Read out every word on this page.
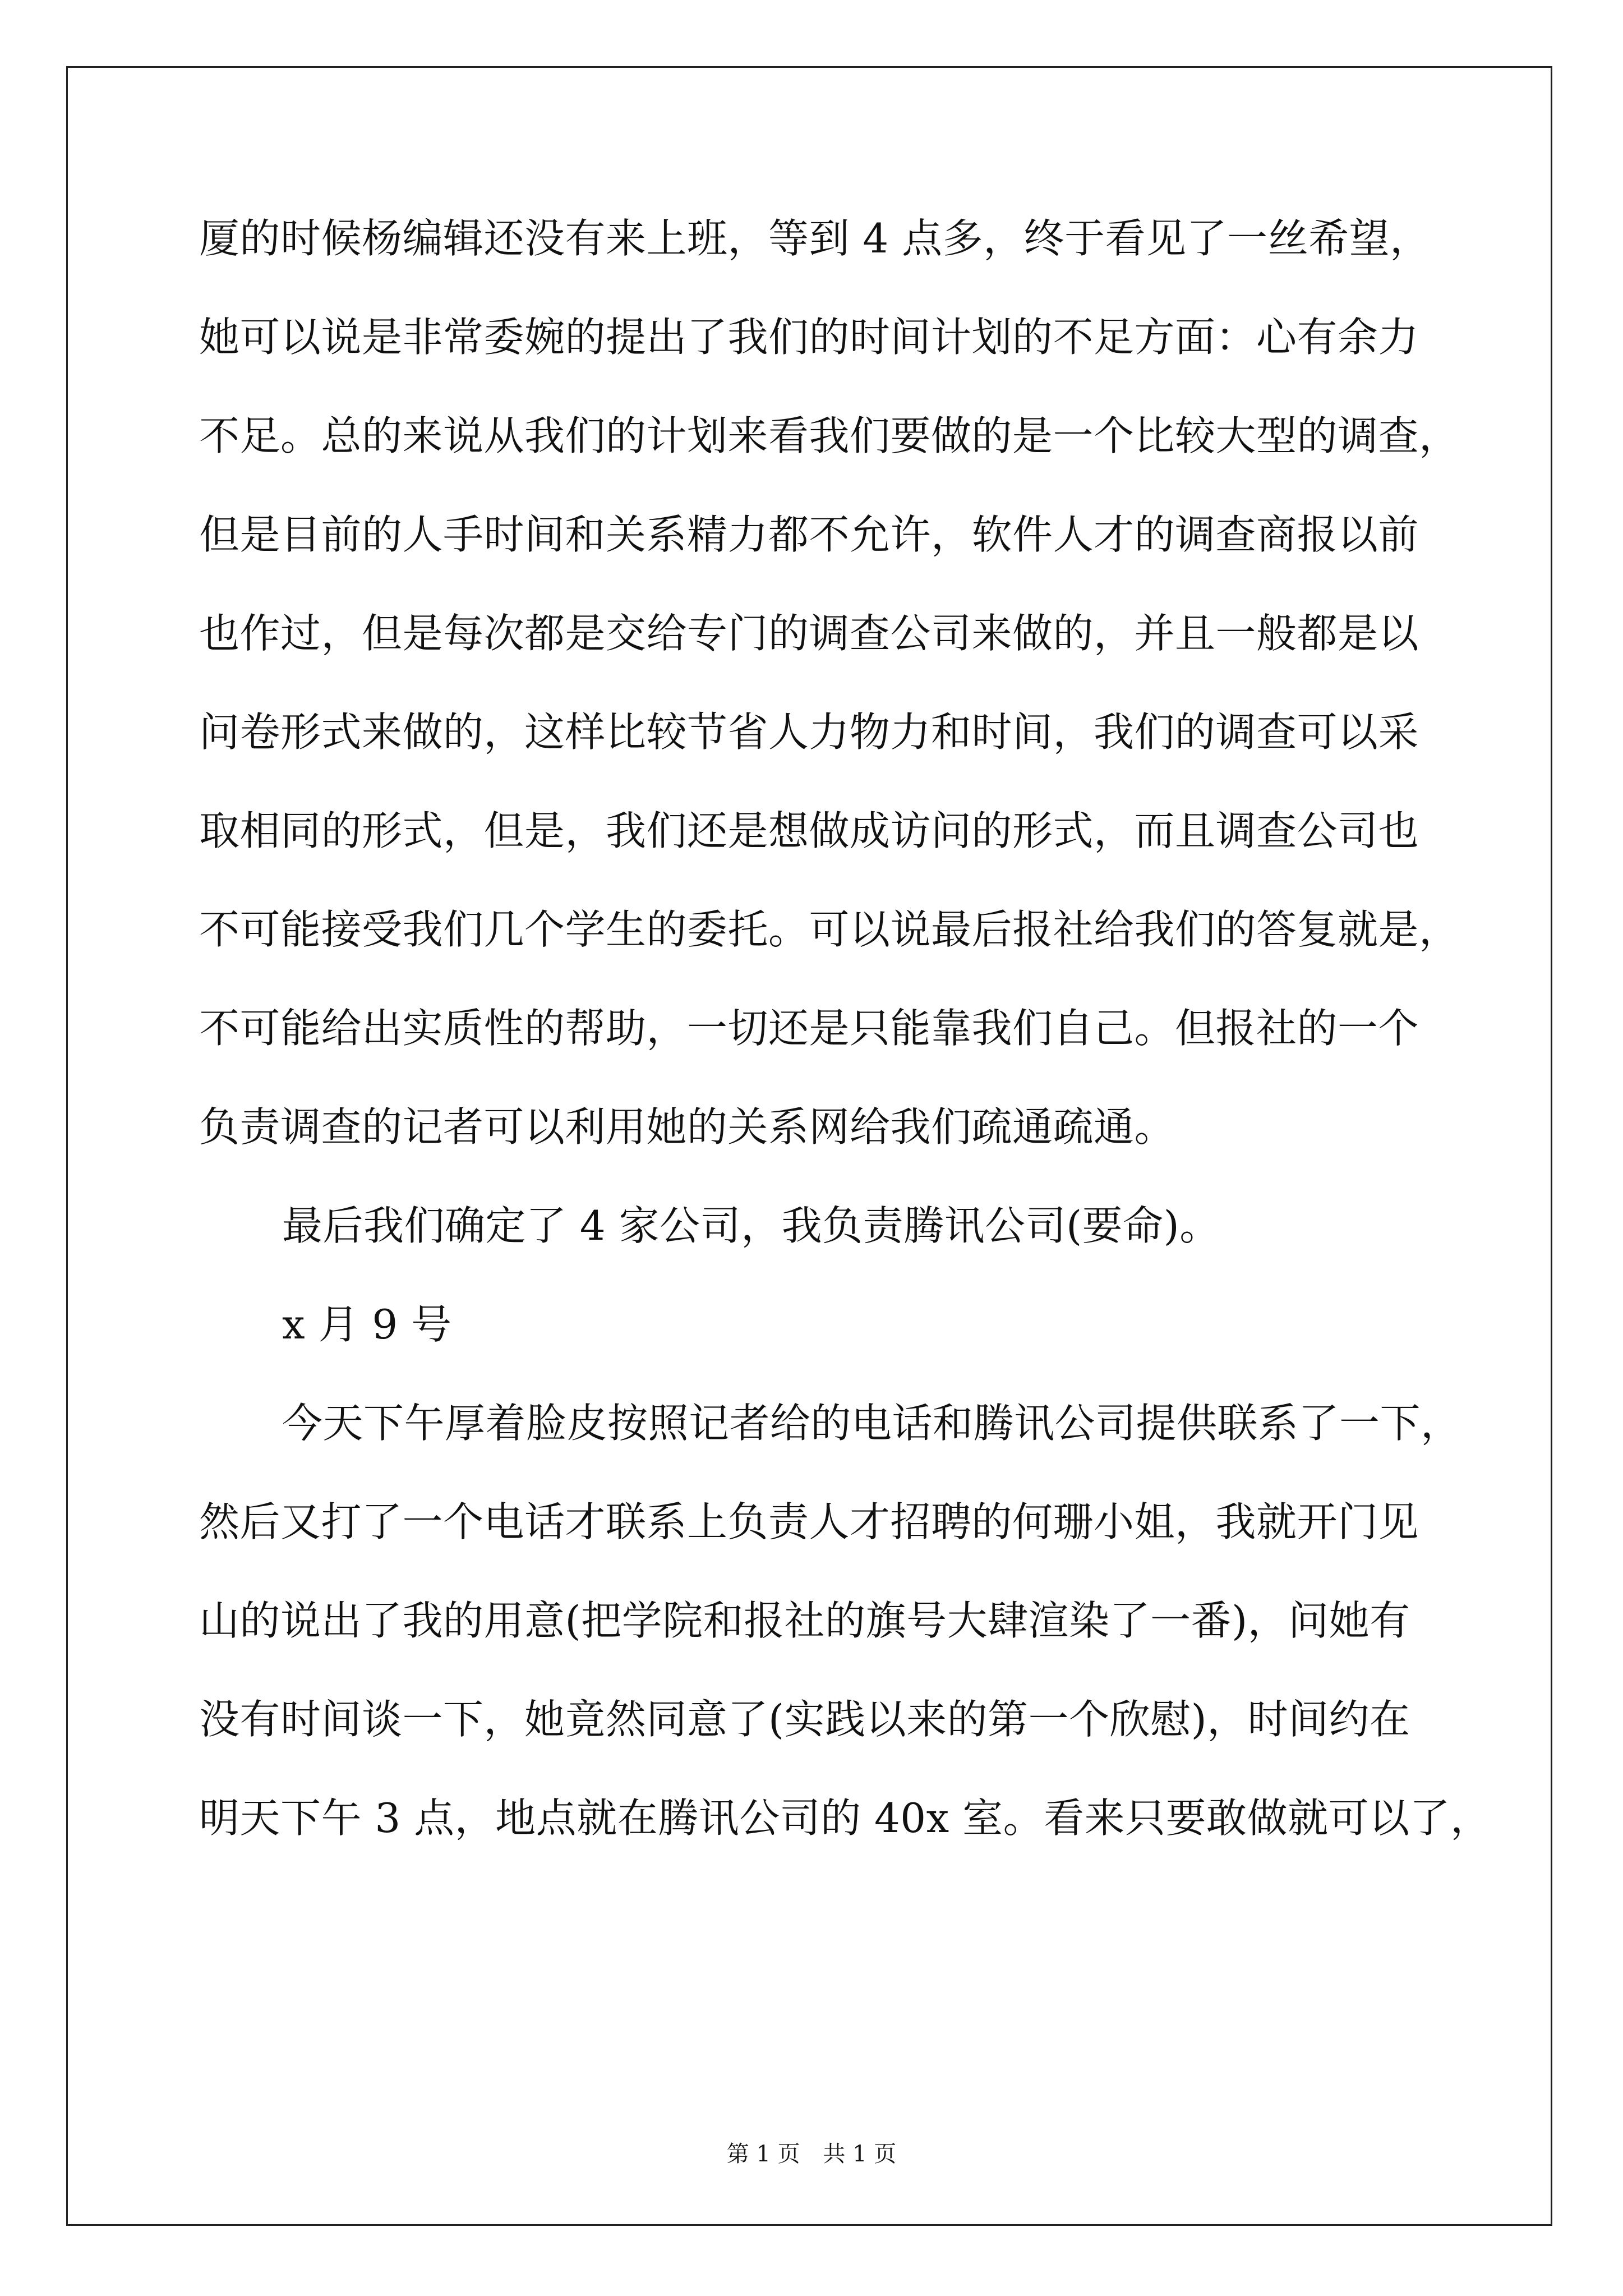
厦的时候杨编辑还没有来上班，等到 4 点多，终于看见了一丝希望，
她可以说是非常委婉的提出了我们的时间计划的不足方面：心有余力
不足。总的来说从我们的计划来看我们要做的是一个比较大型的调查，
但是目前的人手时间和关系精力都不允许，软件人才的调查商报以前
也作过，但是每次都是交给专门的调查公司来做的，并且一般都是以
问卷形式来做的，这样比较节省人力物力和时间，我们的调查可以采
取相同的形式，但是，我们还是想做成访问的形式，而且调查公司也
不可能接受我们几个学生的委托。可以说最后报社给我们的答复就是，
不可能给出实质性的帮助，一切还是只能靠我们自己。但报社的一个
负责调查的记者可以利用她的关系网给我们疏通疏通。
最后我们确定了 4 家公司，我负责腾讯公司(要命)。
x 月 9 号
今天下午厚着脸皮按照记者给的电话和腾讯公司提供联系了一下，
然后又打了一个电话才联系上负责人才招聘的何珊小姐，我就开门见
山的说出了我的用意(把学院和报社的旗号大肆渲染了一番)，问她有
没有时间谈一下，她竟然同意了(实践以来的第一个欣慰)，时间约在
明天下午 3 点，地点就在腾讯公司的 40x 室。看来只要敢做就可以了，
第 1 页 共 1 页
